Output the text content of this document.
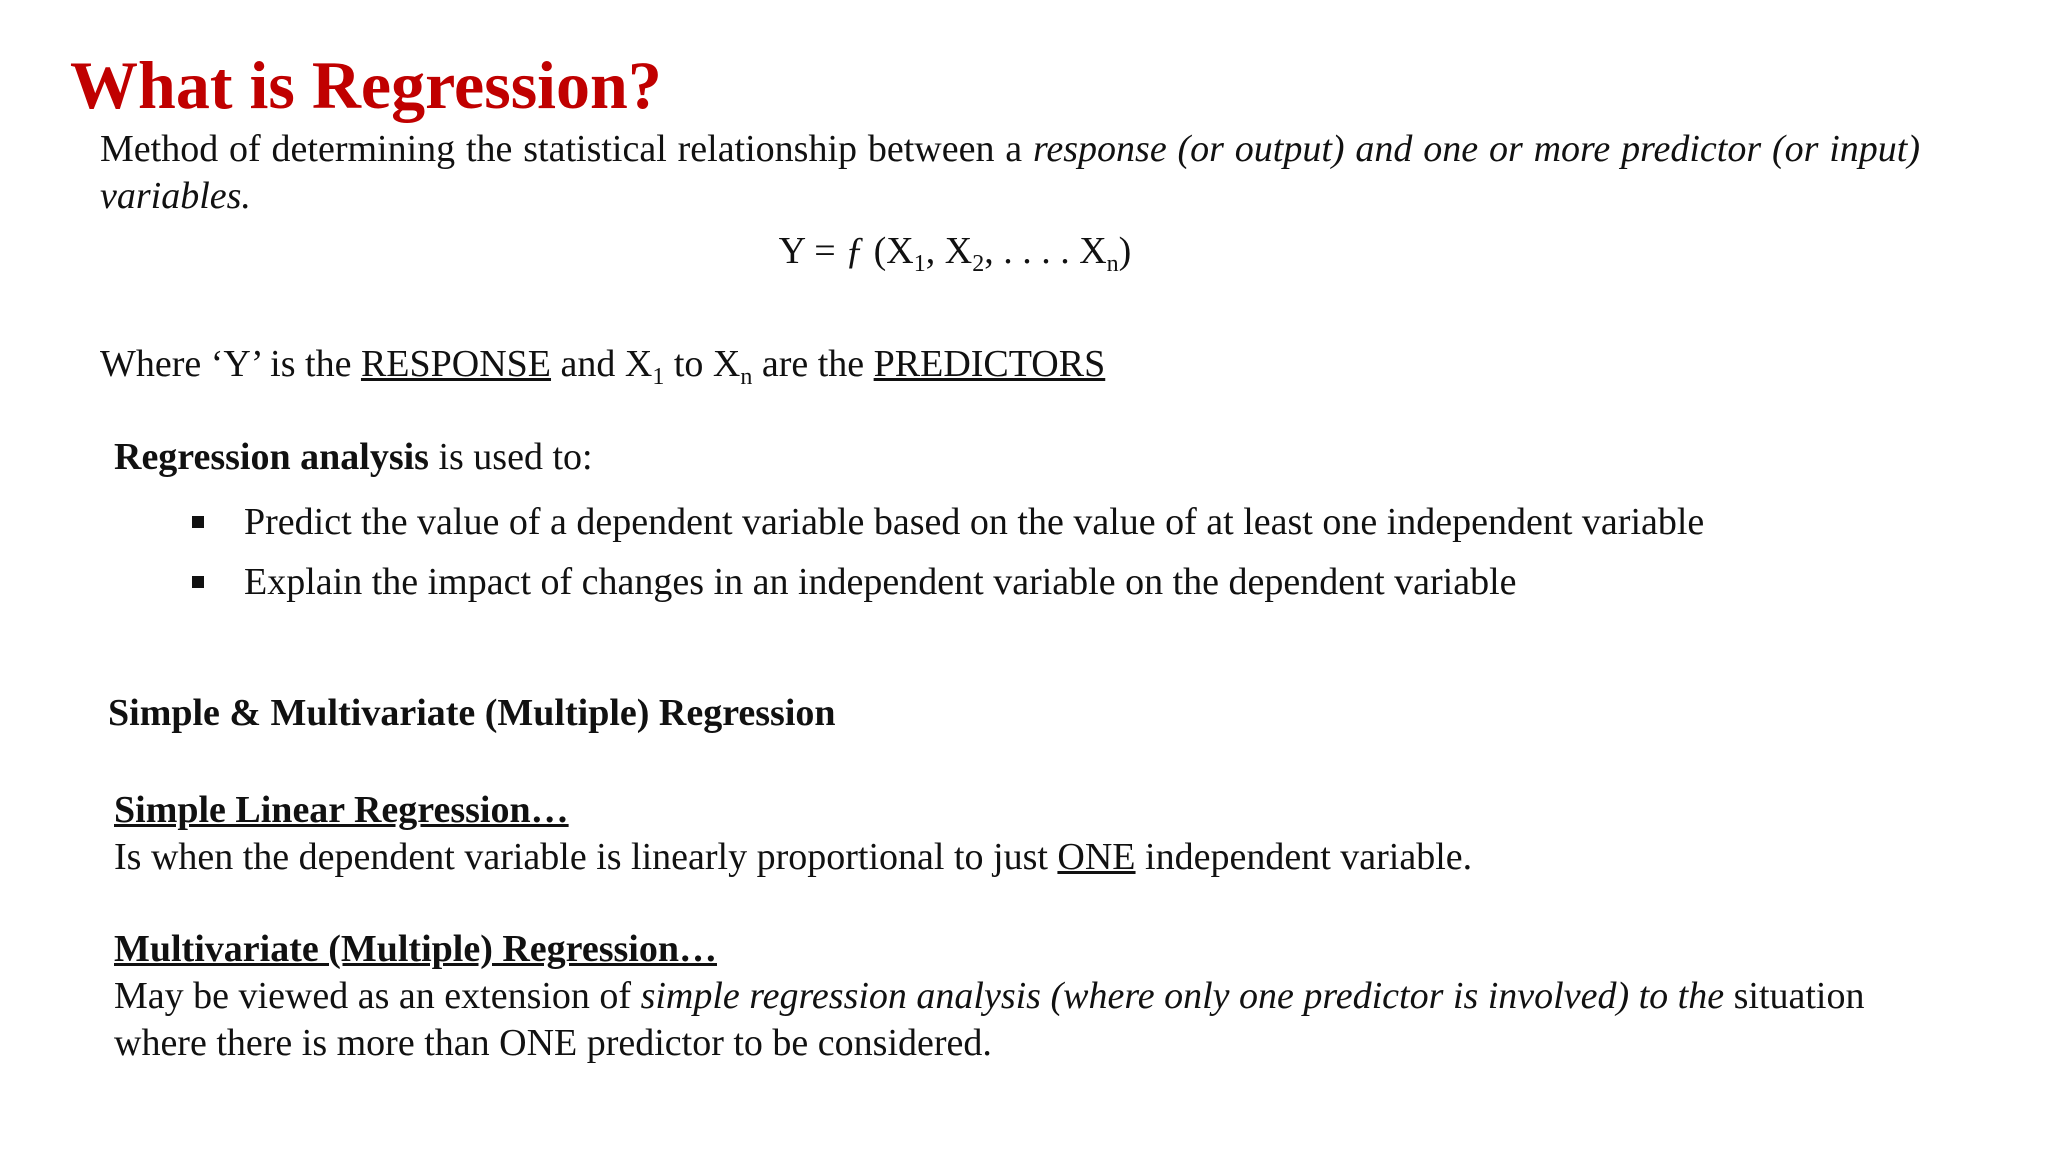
What is Regression?

Method of determining the statistical relationship between a response (or output) and one or more predictor (or input) variables.

Y = ƒ ($X_1$, $X_2$, . . . . $X_n$)
Where ‘Y’ is the RESPONSE and $X_1$ to $X_n$ are the PREDICTORS
Regression analysis is used to:
Predict the value of a dependent variable based on the value of at least one independent variable
Explain the impact of changes in an independent variable on the dependent variable
Simple & Multivariate (Multiple) Regression
Simple Linear Regression…

Is when the dependent variable is linearly proportional to just ONE independent variable.

Multivariate (Multiple) Regression…

May be viewed as an extension of simple regression analysis (where only one predictor is involved) to the situation where there is more than ONE predictor to be considered.
